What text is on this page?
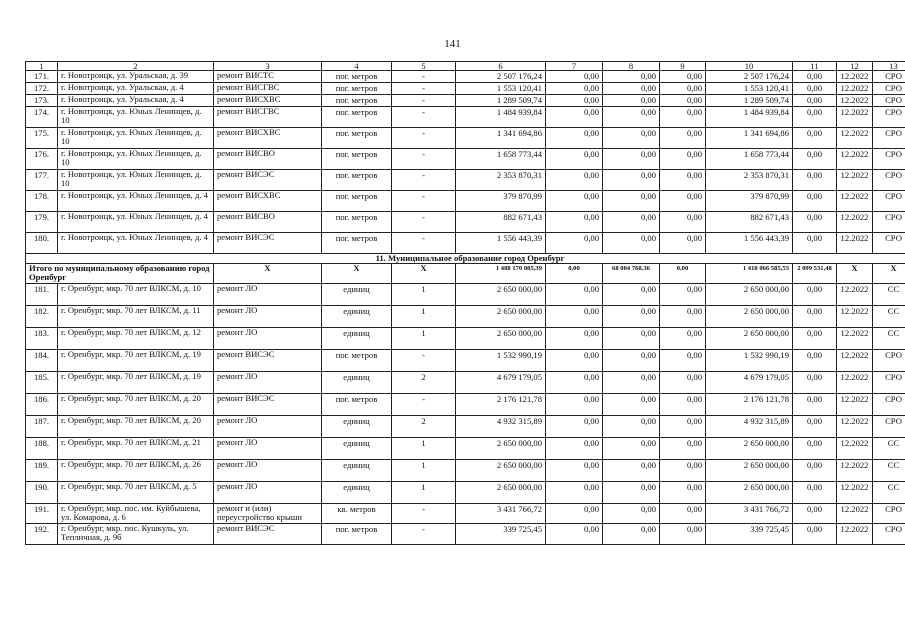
141
1	2	3	4	5	6	7	8	9	10	11	12	13
171.	г. Новотроицк, ул. Уральская, д. 39	ремонт ВИСТС	пог. метров	-	2 507 176,24	0,00	0,00	0,00	2 507 176,24	0,00	12.2022	СРО
172.	г. Новотроицк, ул. Уральская, д. 4	ремонт ВИСГВС	пог. метров	-	1 553 120,41	0,00	0,00	0,00	1 553 120,41	0,00	12.2022	СРО
173.	г. Новотроицк, ул. Уральская, д. 4	ремонт ВИСХВС	пог. метров	-	1 289 509,74	0,00	0,00	0,00	1 289 509,74	0,00	12.2022	СРО
174.	г. Новотроицк, ул. Юных Ленинцев, д. 10	ремонт ВИСГВС	пог. метров	-	1 484 939,84	0,00	0,00	0,00	1 484 939,84	0,00	12.2022	СРО
175.	г. Новотроицк, ул. Юных Ленинцев, д. 10	ремонт ВИСХВС	пог. метров	-	1 341 694,86	0,00	0,00	0,00	1 341 694,86	0,00	12.2022	СРО
176.	г. Новотроицк, ул. Юных Ленинцев, д. 10	ремонт ВИСВО	пог. метров	-	1 658 773,44	0,00	0,00	0,00	1 658 773,44	0,00	12.2022	СРО
177.	г. Новотроицк, ул. Юных Ленинцев, д. 10	ремонт ВИСЭС	пог. метров	-	2 353 870,31	0,00	0,00	0,00	2 353 870,31	0,00	12.2022	СРО
178.	г. Новотроицк, ул. Юных Ленинцев, д. 4	ремонт ВИСХВС	пог. метров	-	379 870,99	0,00	0,00	0,00	379 870,99	0,00	12.2022	СРО
179.	г. Новотроицк, ул. Юных Ленинцев, д. 4	ремонт ВИСВО	пог. метров	-	882 671,43	0,00	0,00	0,00	882 671,43	0,00	12.2022	СРО
180.	г. Новотроицк, ул. Юных Ленинцев, д. 4	ремонт ВИСЭС	пог. метров	-	1 556 443,39	0,00	0,00	0,00	1 556 443,39	0,00	12.2022	СРО
11. Муниципальное образование город Оренбург												
Итого по муниципальному образованию город Оренбург		Х	Х	Х	1 488 170 885,39	0,00	68 004 768,36	0,00	1 418 066 585,55	2 099 531,48	Х	Х
181.	г. Оренбург, мкр. 70 лет ВЛКСМ, д. 10	ремонт ЛО	единиц	1	2 650 000,00	0,00	0,00	0,00	2 650 000,00	0,00	12.2022	СС
182.	г. Оренбург, мкр. 70 лет ВЛКСМ, д. 11	ремонт ЛО	единиц	1	2 650 000,00	0,00	0,00	0,00	2 650 000,00	0,00	12.2022	СС
183.	г. Оренбург, мкр. 70 лет ВЛКСМ, д. 12	ремонт ЛО	единиц	1	2 650 000,00	0,00	0,00	0,00	2 650 000,00	0,00	12.2022	СС
184.	г. Оренбург, мкр. 70 лет ВЛКСМ, д. 19	ремонт ВИСЭС	пог. метров	-	1 532 990,19	0,00	0,00	0,00	1 532 990,19	0,00	12.2022	СРО
185.	г. Оренбург, мкр. 70 лет ВЛКСМ, д. 19	ремонт ЛО	единиц	2	4 679 179,05	0,00	0,00	0,00	4 679 179,05	0,00	12.2022	СРО
186.	г. Оренбург, мкр. 70 лет ВЛКСМ, д. 20	ремонт ВИСЭС	пог. метров	-	2 176 121,78	0,00	0,00	0,00	2 176 121,78	0,00	12.2022	СРО
187.	г. Оренбург, мкр. 70 лет ВЛКСМ, д. 20	ремонт ЛО	единиц	2	4 932 315,89	0,00	0,00	0,00	4 932 315,89	0,00	12.2022	СРО
188.	г. Оренбург, мкр. 70 лет ВЛКСМ, д. 21	ремонт ЛО	единиц	1	2 650 000,00	0,00	0,00	0,00	2 650 000,00	0,00	12.2022	СС
189.	г. Оренбург, мкр. 70 лет ВЛКСМ, д. 26	ремонт ЛО	единиц	1	2 650 000,00	0,00	0,00	0,00	2 650 000,00	0,00	12.2022	СС
190.	г. Оренбург, мкр. 70 лет ВЛКСМ, д. 5	ремонт ЛО	единиц	1	2 650 000,00	0,00	0,00	0,00	2 650 000,00	0,00	12.2022	СС
191.	г. Оренбург, мкр. пос. им. Куйбышева, ул. Комарова, д. 6	ремонт и (или) переустройство крыши	кв. метров	-	3 431 766,72	0,00	0,00	0,00	3 431 766,72	0,00	12.2022	СРО
192.	г. Оренбург, мкр. пос. Кушкуль, ул. Тепличная, д. 9б	ремонт ВИСЭС	пог. метров	-	339 725,45	0,00	0,00	0,00	339 725,45	0,00	12.2022	СРО
